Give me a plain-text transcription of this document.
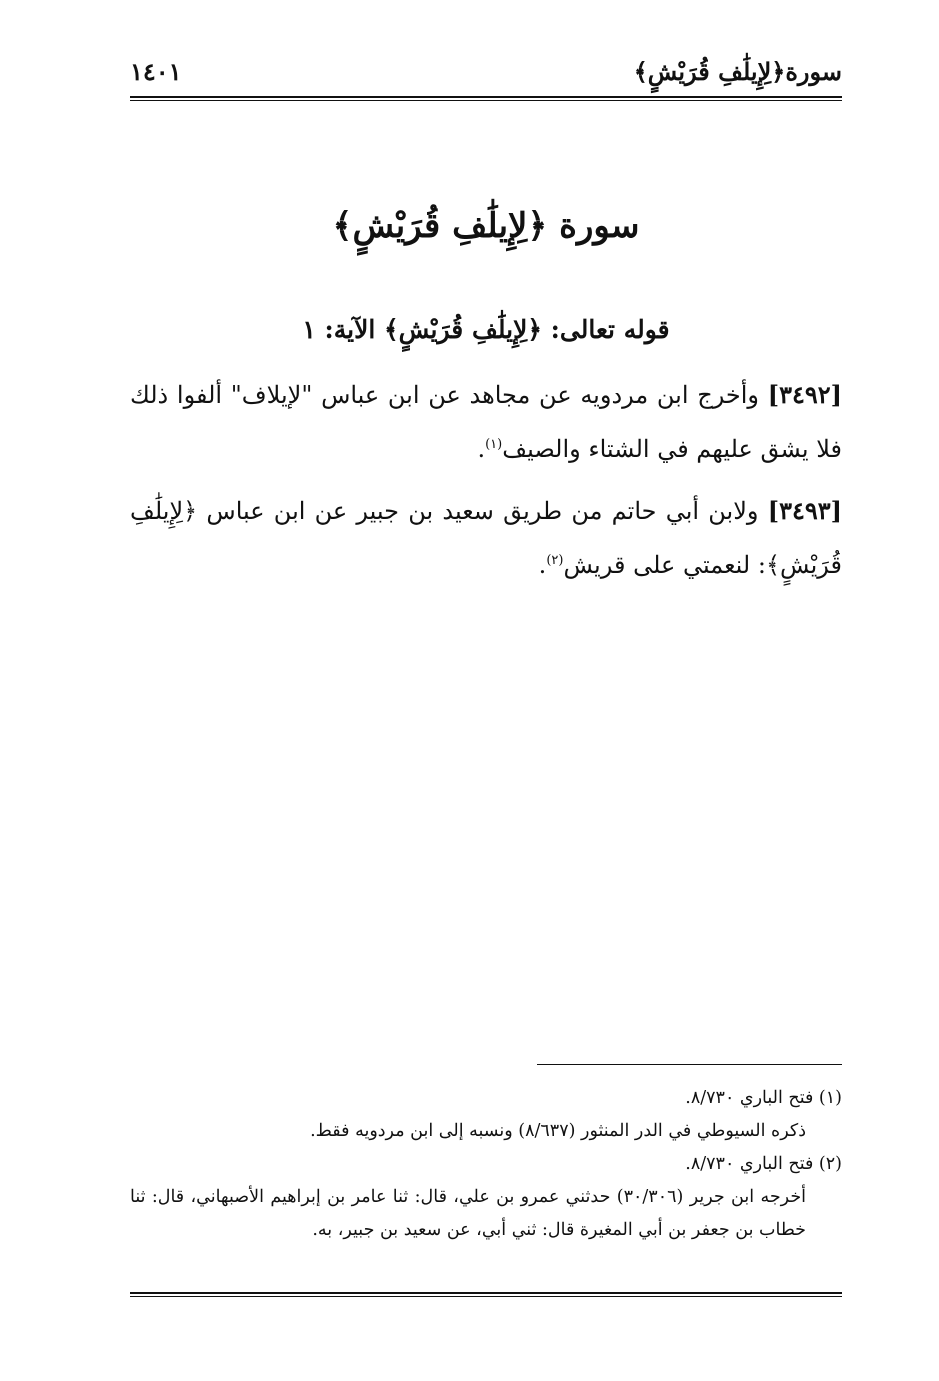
سورة﴿لِإِيلَٰفِ قُرَيْشٍ﴾
١٤٠١
سورة ﴿لِإِيلَٰفِ قُرَيْشٍ﴾
قوله تعالى: ﴿لِإِيلَٰفِ قُرَيْشٍ﴾ الآية: ١
[٣٤٩٢] وأخرج ابن مردويه عن مجاهد عن ابن عباس "لإيلاف" ألفوا ذلك فلا يشق عليهم في الشتاء والصيف$^{(١)}$.
[٣٤٩٣] ولابن أبي حاتم من طريق سعيد بن جبير عن ابن عباس ﴿لِإِيلَٰفِ قُرَيْشٍ﴾: لنعمتي على قريش$^{(٢)}$.
(١) فتح الباري ٨/٧٣٠.
ذكره السيوطي في الدر المنثور (٨/٦٣٧) ونسبه إلى ابن مردويه فقط.
(٢) فتح الباري ٨/٧٣٠.
أخرجه ابن جرير (٣٠/٣٠٦) حدثني عمرو بن علي، قال: ثنا عامر بن إبراهيم الأصبهاني، قال: ثنا خطاب بن جعفر بن أبي المغيرة قال: ثني أبي، عن سعيد بن جبير، به.
